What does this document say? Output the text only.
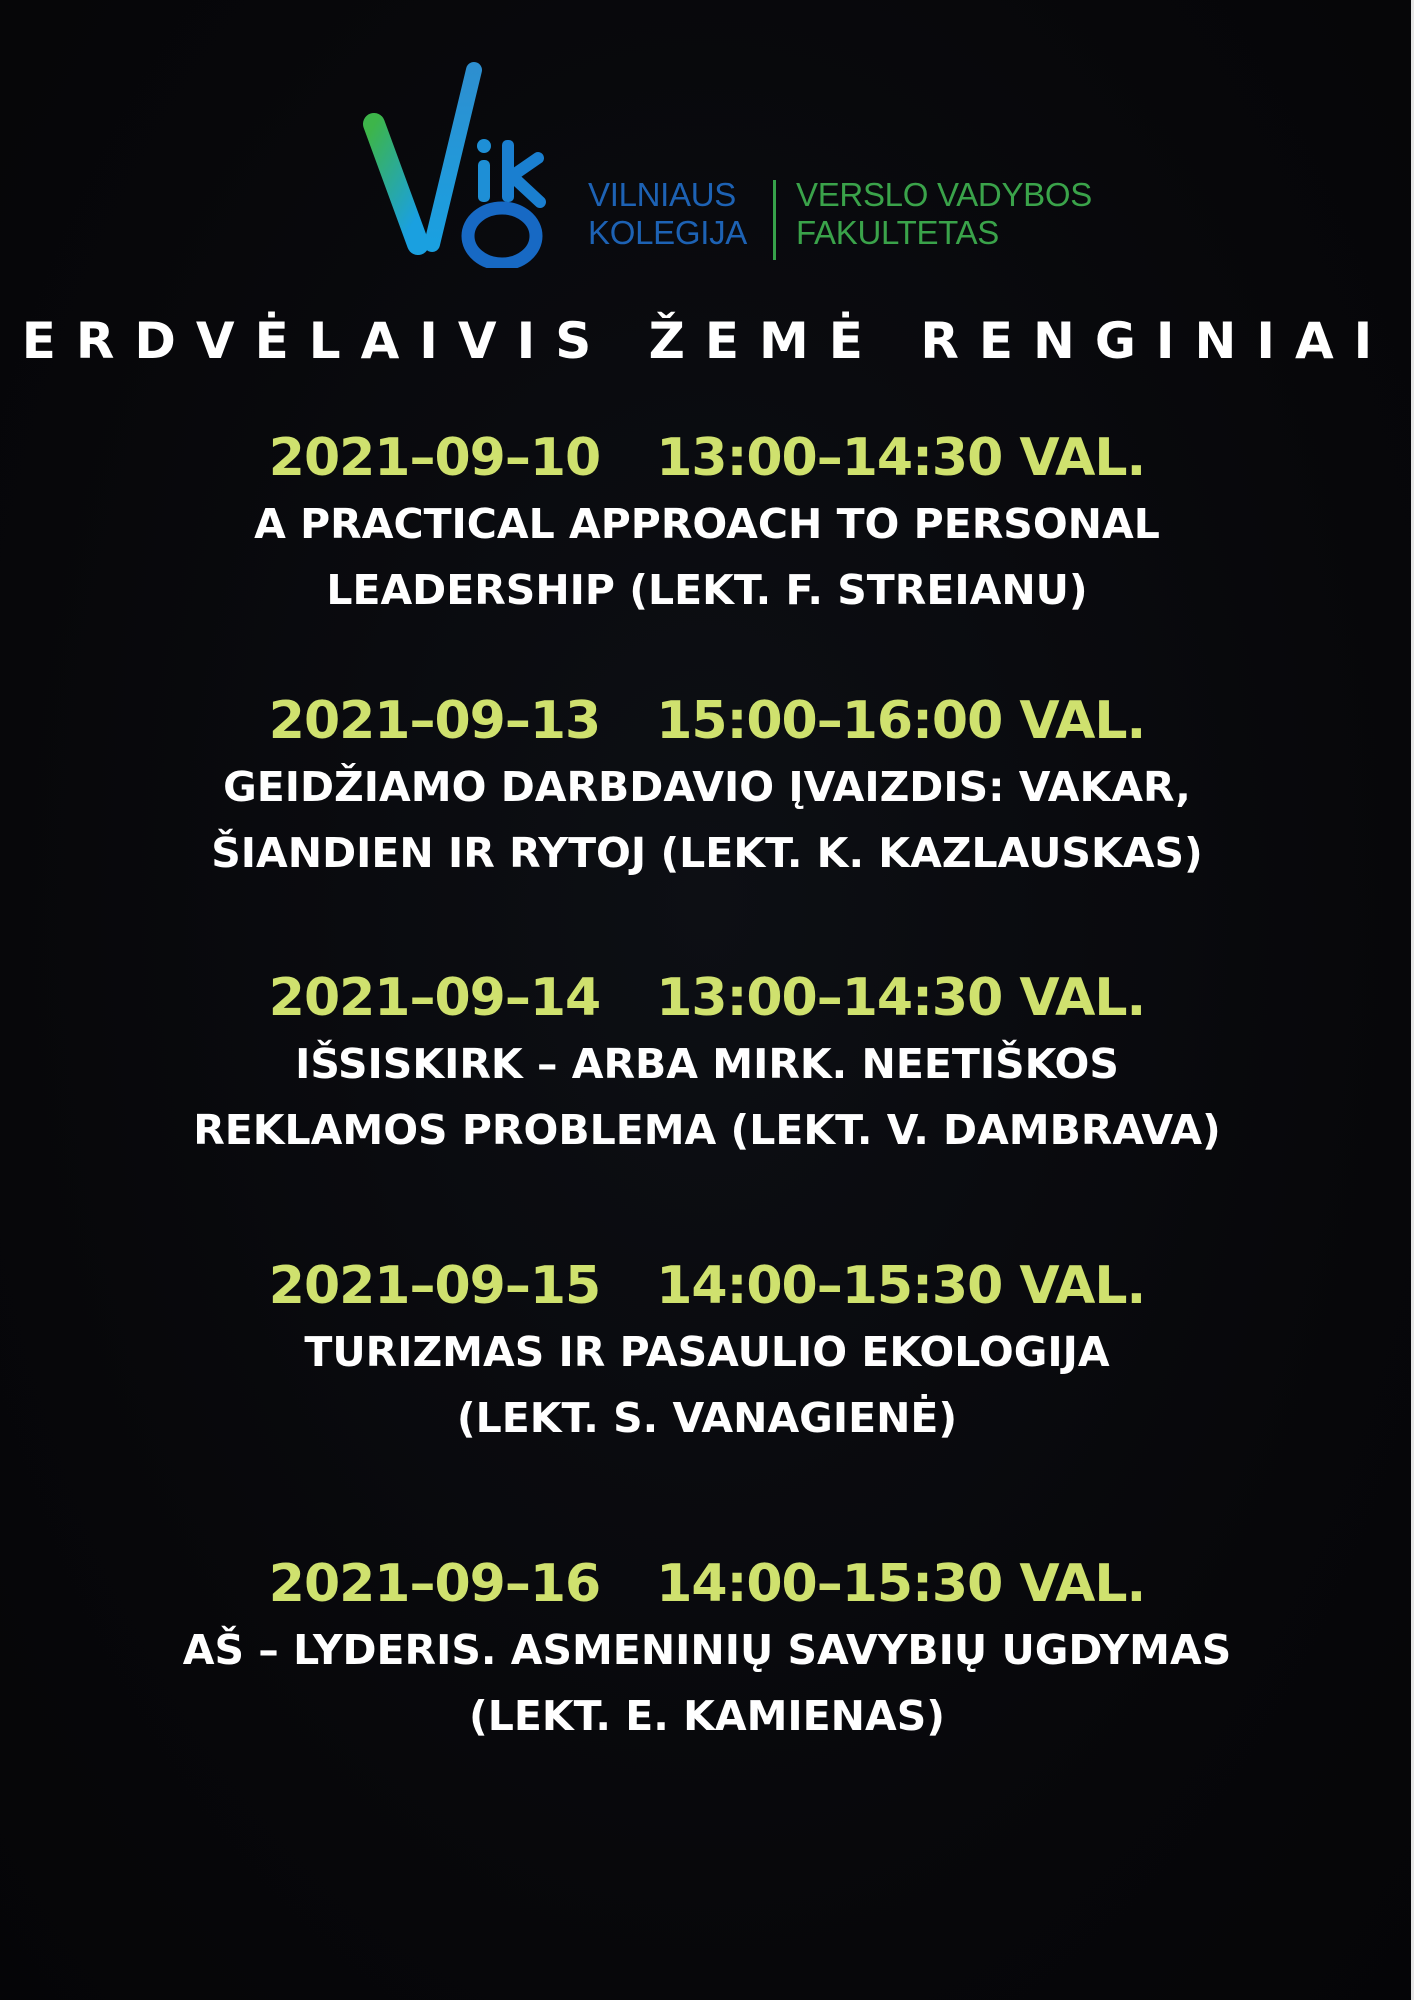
VILNIAUS
KOLEGIJA
VERSLO VADYBOS
FAKULTETAS
ERDVĖLAIVIS ŽEMĖ RENGINIAI
2021–09–10 13:00–14:30 VAL.
A PRACTICAL APPROACH TO PERSONAL
LEADERSHIP (LEKT. F. STREIANU)
2021–09–13 15:00–16:00 VAL.
GEIDŽIAMO DARBDAVIO ĮVAIZDIS: VAKAR,
ŠIANDIEN IR RYTOJ (LEKT. K. KAZLAUSKAS)
2021–09–14 13:00–14:30 VAL.
IŠSISKIRK – ARBA MIRK. NEETIŠKOS
REKLAMOS PROBLEMA (LEKT. V. DAMBRAVA)
2021–09–15 14:00–15:30 VAL.
TURIZMAS IR PASAULIO EKOLOGIJA
(LEKT. S. VANAGIENĖ)
2021–09–16 14:00–15:30 VAL.
AŠ – LYDERIS. ASMENINIŲ SAVYBIŲ UGDYMAS
(LEKT. E. KAMIENAS)
